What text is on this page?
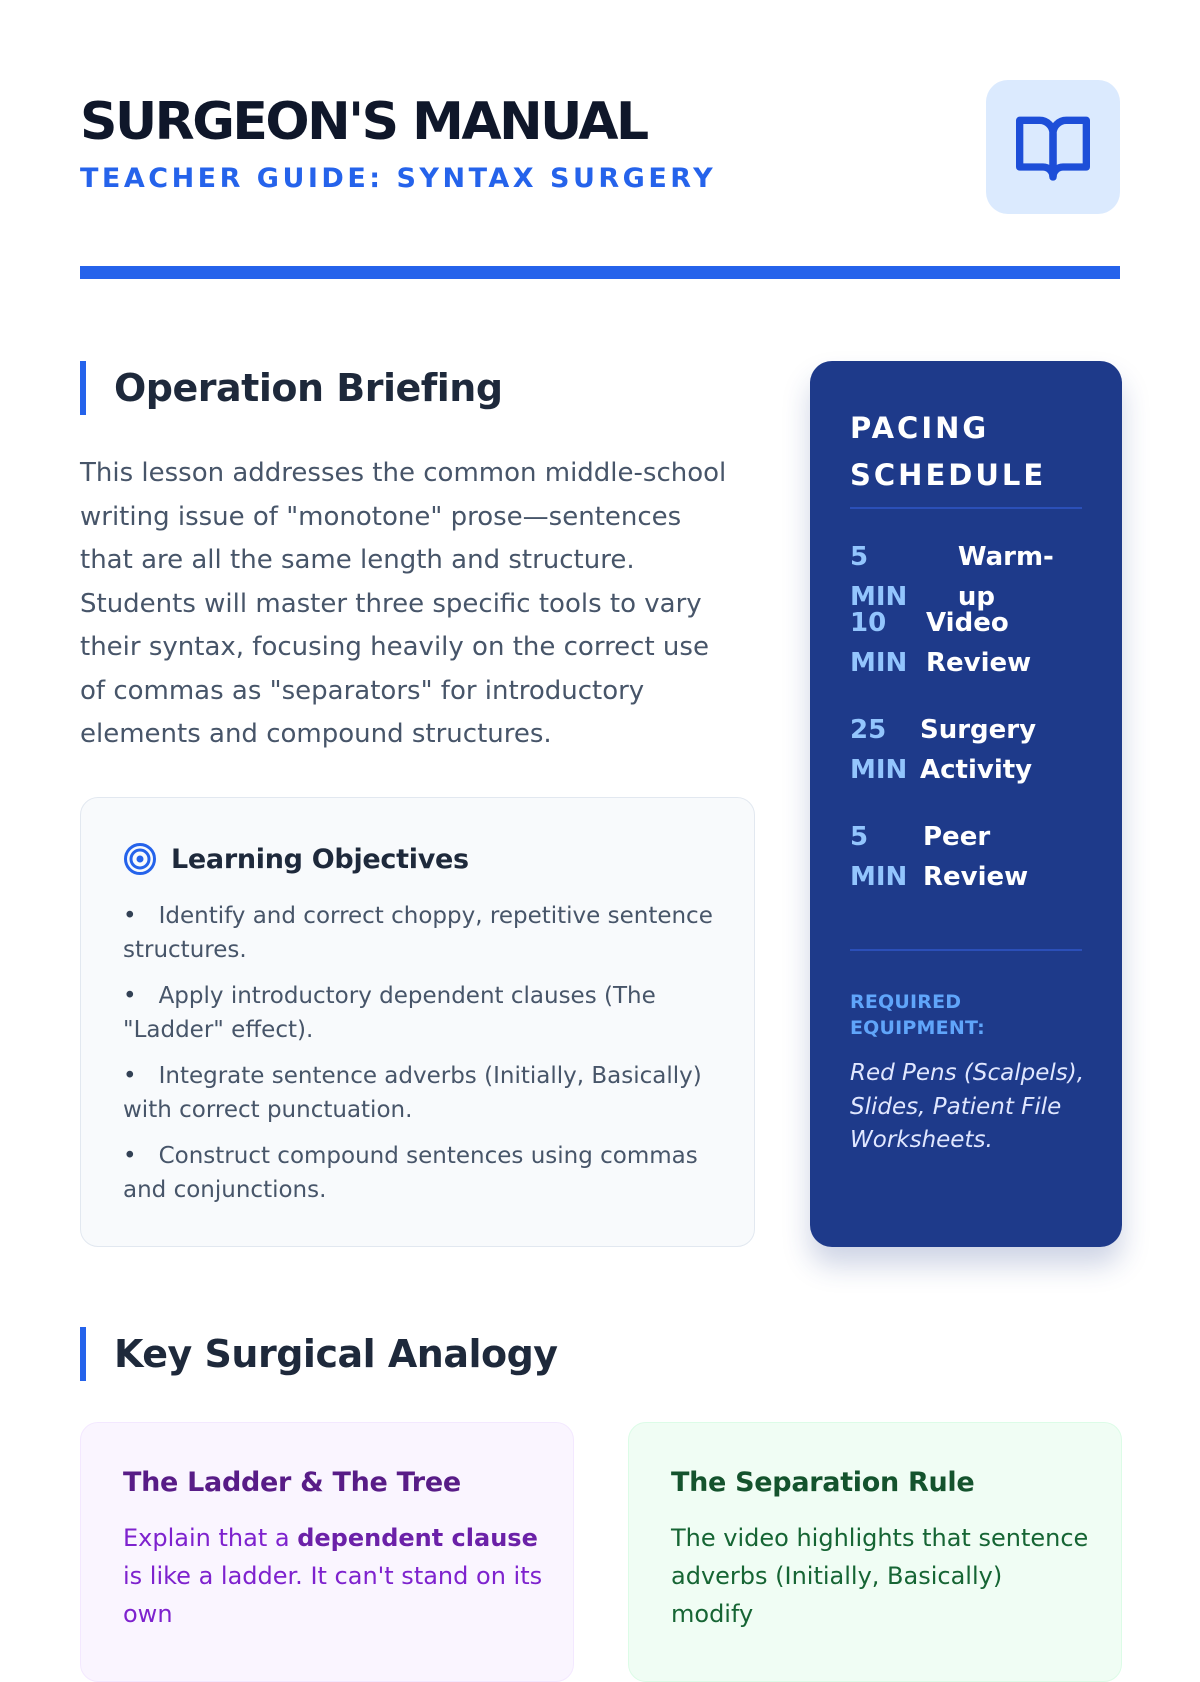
SURGEON'S MANUAL
TEACHER GUIDE: SYNTAX SURGERY
Operation Briefing
This lesson addresses the common middle-school writing issue of "monotone" prose—sentences that are all the same length and structure. Students will master three specific tools to vary their syntax, focusing heavily on the correct use of commas as "separators" for introductory elements and compound structures.
Learning Objectives
• Identify and correct choppy, repetitive sentence structures.
• Apply introductory dependent clauses (The "Ladder" effect).
• Integrate sentence adverbs (Initially, Basically) with correct punctuation.
• Construct compound sentences using commas and conjunctions.
PACING SCHEDULE
5 MIN
Warm-up
10 MIN
Video Review
25 MIN
Surgery Activity
5 MIN
Peer Review
REQUIRED EQUIPMENT:
Red Pens (Scalpels), Slides, Patient File Worksheets.
Key Surgical Analogy
The Ladder & The Tree

Explain that a dependent clause is like a ladder. It can't stand on its own

The Separation Rule

The video highlights that sentence adverbs (Initially, Basically) modify
